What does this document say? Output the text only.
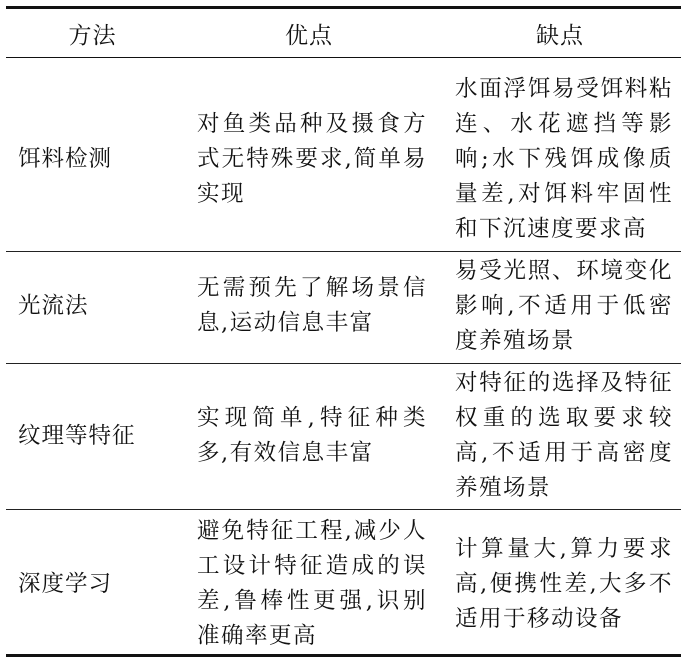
方法	优点	缺点
饵料检测
对鱼类品种及摄食方式无特殊要求,简单易实现
水面浮饵易受饵料粘连、水花遮挡等影响;水下残饵成像质量差,对饵料牢固性和下沉速度要求高
光流法
无需预先了解场景信息,运动信息丰富
易受光照、环境变化影响,不适用于低密度养殖场景
纹理等特征
实现简单,特征种类多,有效信息丰富
对特征的选择及特征权重的选取要求较高,不适用于高密度养殖场景
深度学习
避免特征工程,减少人工设计特征造成的误差,鲁棒性更强,识别准确率更高
计算量大,算力要求高,便携性差,大多不适用于移动设备
